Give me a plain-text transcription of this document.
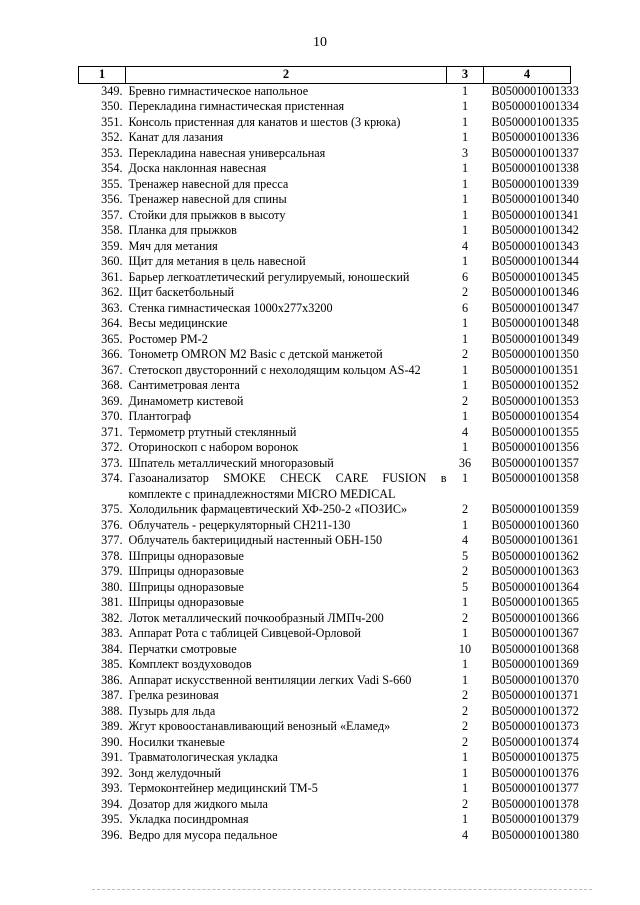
10
1	2	3	4
349.	Бревно гимнастическое напольное	1	B0500001001333
350.	Перекладина гимнастическая пристенная	1	B0500001001334
351.	Консоль пристенная для канатов и шестов (3 крюка)	1	B0500001001335
352.	Канат для лазания	1	B0500001001336
353.	Перекладина навесная универсальная	3	B0500001001337
354.	Доска наклонная навесная	1	B0500001001338
355.	Тренажер навесной для пресса	1	B0500001001339
356.	Тренажер навесной для спины	1	B0500001001340
357.	Стойки для прыжков в высоту	1	B0500001001341
358.	Планка для прыжков	1	B0500001001342
359.	Мяч для метания	4	B0500001001343
360.	Щит для метания в цель навесной	1	B0500001001344
361.	Барьер легкоатлетический регулируемый, юношеский	6	B0500001001345
362.	Щит баскетбольный	2	B0500001001346
363.	Стенка гимнастическая 1000x277x3200	6	B0500001001347
364.	Весы медицинские	1	B0500001001348
365.	Ростомер РМ-2	1	B0500001001349
366.	Тонометр OMRON M2 Basic с детской манжетой	2	B0500001001350
367.	Стетоскоп двусторонний с нехолодящим кольцом AS-42	1	B0500001001351
368.	Сантиметровая лента	1	B0500001001352
369.	Динамометр кистевой	2	B0500001001353
370.	Плантограф	1	B0500001001354
371.	Термометр ртутный стеклянный	4	B0500001001355
372.	Оториноскоп с набором воронок	1	B0500001001356
373.	Шпатель металлический многоразовый	36	B0500001001357
374.	Газоанализатор SMOKE CHECK CARE FUSION в комплекте с принадлежностями MICRO MEDICAL	1	B0500001001358
375.	Холодильник фармацевтический ХФ-250-2 «ПОЗИС»	2	B0500001001359
376.	Облучатель - рецеркуляторный СН211-130	1	B0500001001360
377.	Облучатель бактерицидный настенный ОБН-150	4	B0500001001361
378.	Шприцы одноразовые	5	B0500001001362
379.	Шприцы одноразовые	2	B0500001001363
380.	Шприцы одноразовые	5	B0500001001364
381.	Шприцы одноразовые	1	B0500001001365
382.	Лоток металлический почкообразный ЛМПч-200	2	B0500001001366
383.	Аппарат Рота с таблицей Сивцевой-Орловой	1	B0500001001367
384.	Перчатки смотровые	10	B0500001001368
385.	Комплект воздуховодов	1	B0500001001369
386.	Аппарат искусственной вентиляции легких Vadi S-660	1	B0500001001370
387.	Грелка резиновая	2	B0500001001371
388.	Пузырь для льда	2	B0500001001372
389.	Жгут кровоостанавливающий венозный «Еламед»	2	B0500001001373
390.	Носилки тканевые	2	B0500001001374
391.	Травматологическая укладка	1	B0500001001375
392.	Зонд желудочный	1	B0500001001376
393.	Термоконтейнер медицинский ТМ-5	1	B0500001001377
394.	Дозатор для жидкого мыла	2	B0500001001378
395.	Укладка посиндромная	1	B0500001001379
396.	Ведро для мусора педальное	4	B0500001001380
